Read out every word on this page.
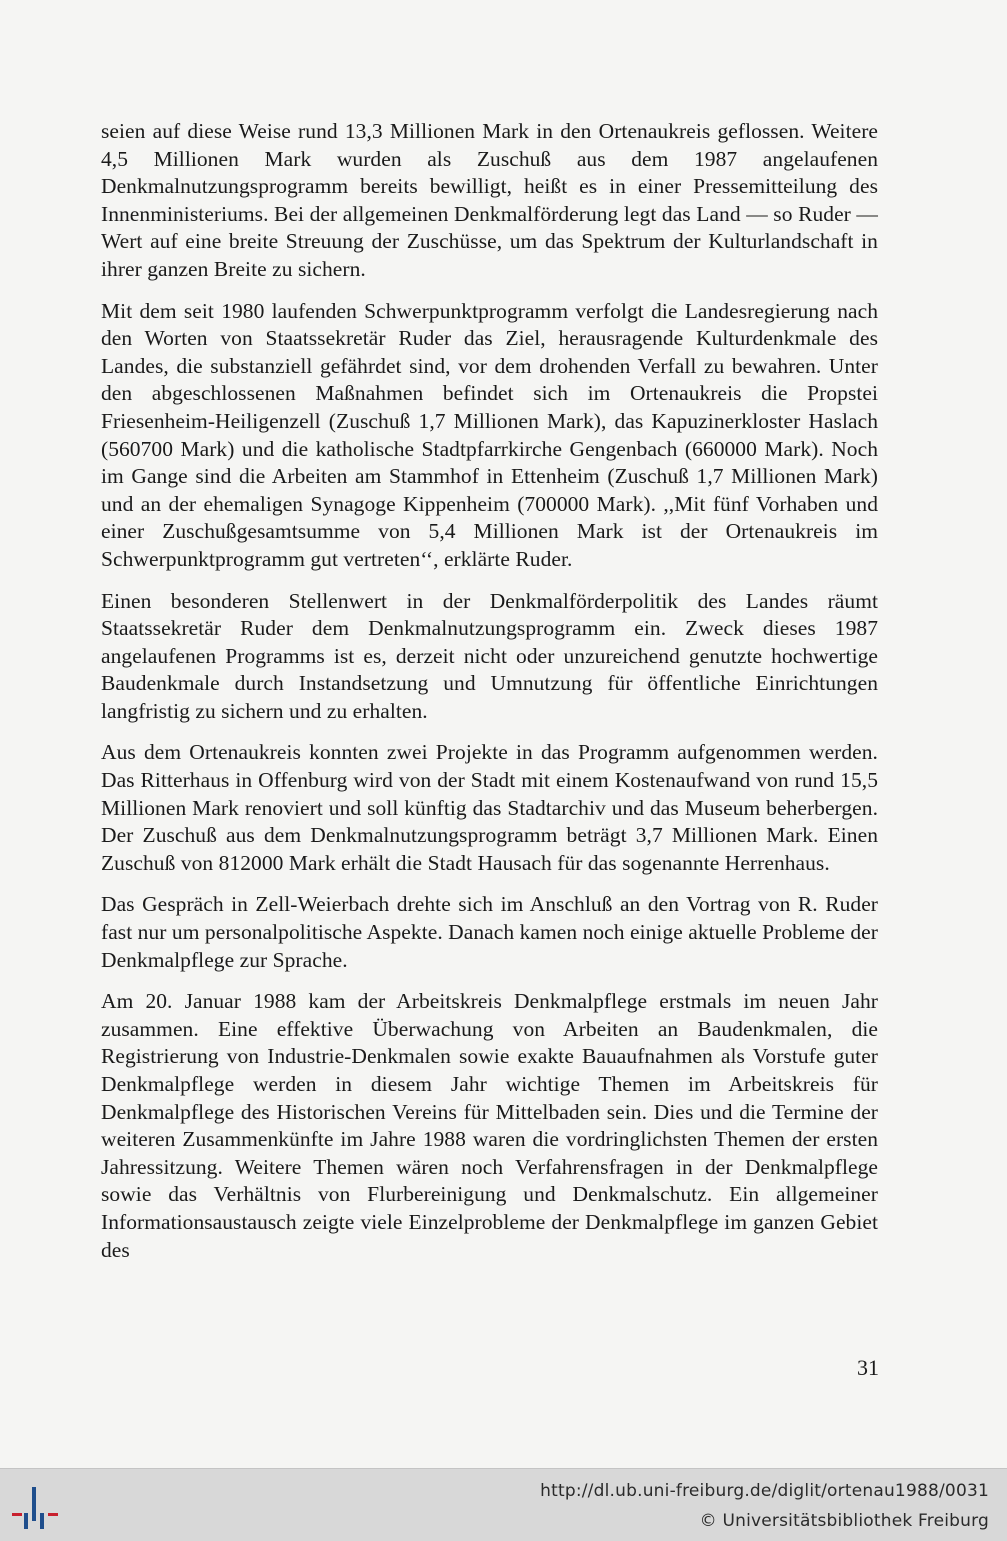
seien auf diese Weise rund 13,3 Millionen Mark in den Ortenaukreis geflossen. Weitere 4,5 Millionen Mark wurden als Zuschuß aus dem 1987 angelaufenen Denkmalnutzungsprogramm bereits bewilligt, heißt es in einer Pressemitteilung des Innenministeriums. Bei der allgemeinen Denkmalförderung legt das Land — so Ruder — Wert auf eine breite Streuung der Zuschüsse, um das Spektrum der Kulturlandschaft in ihrer ganzen Breite zu sichern.

Mit dem seit 1980 laufenden Schwerpunktprogramm verfolgt die Landesregierung nach den Worten von Staatssekretär Ruder das Ziel, herausragende Kulturdenkmale des Landes, die substanziell gefährdet sind, vor dem drohenden Verfall zu bewahren. Unter den abgeschlossenen Maßnahmen befindet sich im Ortenaukreis die Propstei Friesenheim-Heiligenzell (Zuschuß 1,7 Millionen Mark), das Kapuzinerkloster Haslach (560700 Mark) und die katholische Stadtpfarrkirche Gengenbach (660000 Mark). Noch im Gange sind die Arbeiten am Stammhof in Ettenheim (Zuschuß 1,7 Millionen Mark) und an der ehemaligen Synagoge Kippenheim (700000 Mark). ,,Mit fünf Vorhaben und einer Zuschußgesamtsumme von 5,4 Millionen Mark ist der Ortenaukreis im Schwerpunktprogramm gut vertreten‘‘, erklärte Ruder.

Einen besonderen Stellenwert in der Denkmalförderpolitik des Landes räumt Staatssekretär Ruder dem Denkmalnutzungsprogramm ein. Zweck dieses 1987 angelaufenen Programms ist es, derzeit nicht oder unzureichend genutzte hochwertige Baudenkmale durch Instandsetzung und Umnutzung für öffentliche Einrichtungen langfristig zu sichern und zu erhalten.

Aus dem Ortenaukreis konnten zwei Projekte in das Programm aufgenommen werden. Das Ritterhaus in Offenburg wird von der Stadt mit einem Kostenaufwand von rund 15,5 Millionen Mark renoviert und soll künftig das Stadtarchiv und das Museum beherbergen. Der Zuschuß aus dem Denkmalnutzungsprogramm beträgt 3,7 Millionen Mark. Einen Zuschuß von 812000 Mark erhält die Stadt Hausach für das sogenannte Herrenhaus.

Das Gespräch in Zell-Weierbach drehte sich im Anschluß an den Vortrag von R. Ruder fast nur um personalpolitische Aspekte. Danach kamen noch einige aktuelle Probleme der Denkmalpflege zur Sprache.

Am 20. Januar 1988 kam der Arbeitskreis Denkmalpflege erstmals im neuen Jahr zusammen. Eine effektive Überwachung von Arbeiten an Baudenkmalen, die Registrierung von Industrie-Denkmalen sowie exakte Bauaufnahmen als Vorstufe guter Denkmalpflege werden in diesem Jahr wichtige Themen im Arbeitskreis für Denkmalpflege des Historischen Vereins für Mittelbaden sein. Dies und die Termine der weiteren Zusammenkünfte im Jahre 1988 waren die vordringlichsten Themen der ersten Jahressitzung. Weitere Themen wären noch Verfahrensfragen in der Denkmalpflege sowie das Verhältnis von Flurbereinigung und Denkmalschutz. Ein allgemeiner Informationsaustausch zeigte viele Einzelprobleme der Denkmalpflege im ganzen Gebiet des

31
http://dl.ub.uni-freiburg.de/diglit/ortenau1988/0031
© Universitätsbibliothek Freiburg
